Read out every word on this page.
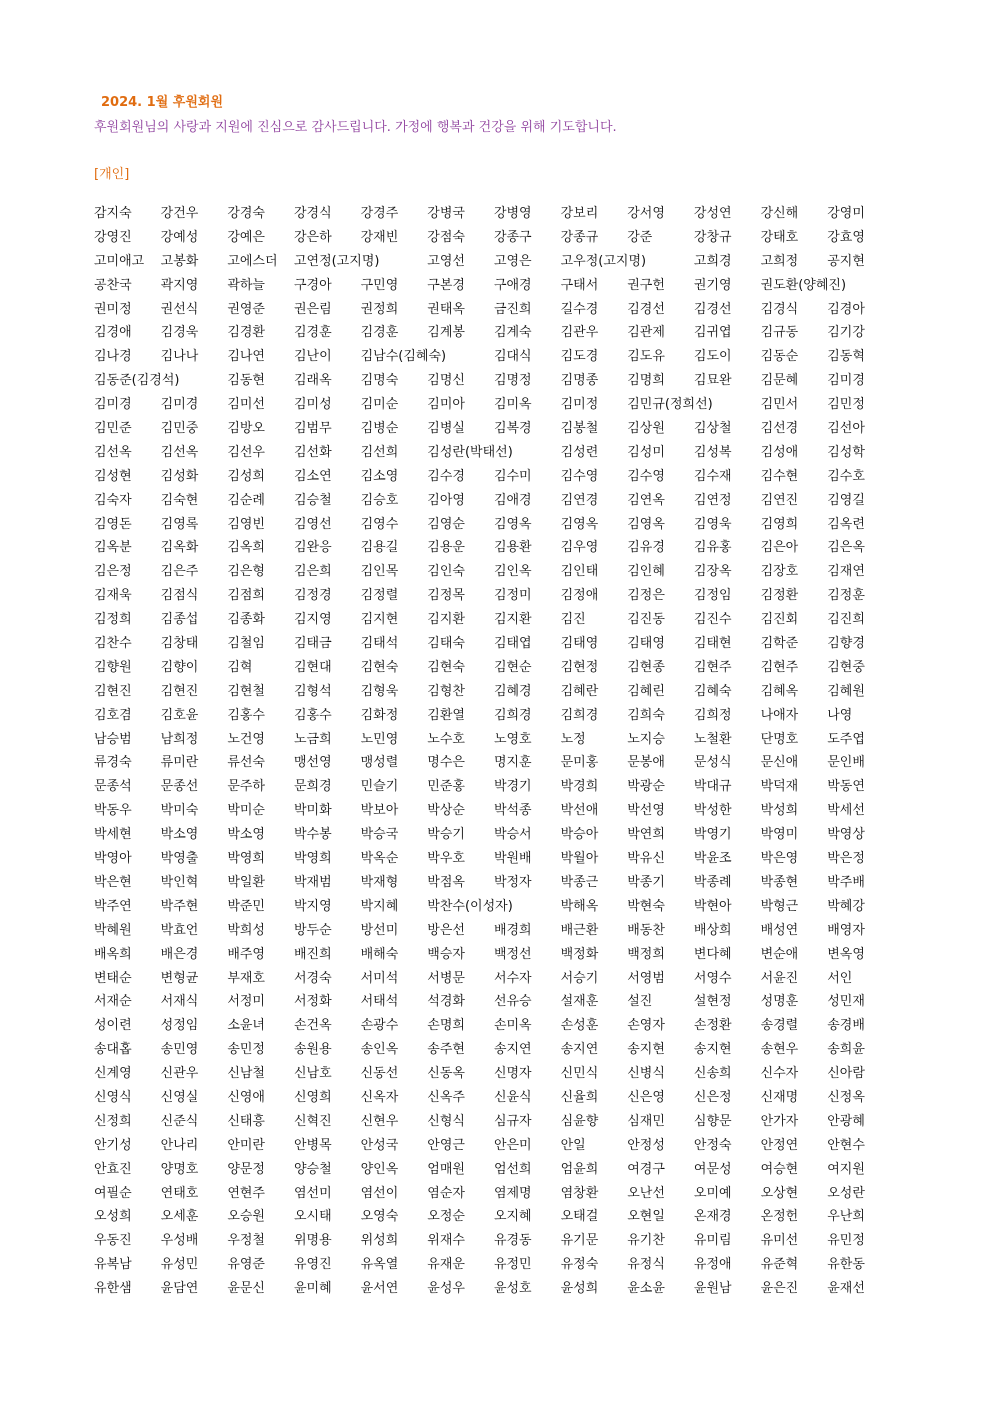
2024. 1월 후원회원
후원회원님의 사랑과 지원에 진심으로 감사드립니다. 가정에 행복과 건강을 위해 기도합니다.
[개인]
감지숙	강건우	강경숙	강경식	강경주	강병국	강병영	강보리	강서영	강성연	강신해	강영미
강영진	강예성	강예은	강은하	강재빈	강점숙	강종구	강종규	강준	강창규	강태호	강효영
고미애고	고봉화	고에스더	고연정(고지명)	고영선	고영은	고우정(고지명)	고희경	고희정	공지현
공찬국	곽지영	곽하늘	구경아	구민영	구본경	구애경	구태서	권구헌	권기영	권도환(양혜진)
권미정	권선식	권영준	권은림	권정희	권태옥	금진희	길수경	김경선	김경선	김경식	김경아
김경애	김경욱	김경환	김경훈	김경훈	김계봉	김계숙	김관우	김관제	김귀엽	김규동	김기강
김나경	김나나	김나연	김난이	김남수(김혜숙)	김대식	김도경	김도유	김도이	김동순	김동혁
김동준(김경석)	김동현	김래옥	김명숙	김명신	김명정	김명종	김명희	김묘완	김문혜	김미경
김미경	김미경	김미선	김미성	김미순	김미아	김미옥	김미정	김민규(정희선)	김민서	김민정
김민준	김민중	김방오	김범무	김병순	김병실	김복경	김봉철	김상원	김상철	김선경	김선아
김선옥	김선옥	김선우	김선화	김선희	김성란(박태선)	김성련	김성미	김성복	김성애	김성학
김성현	김성화	김성희	김소연	김소영	김수경	김수미	김수영	김수영	김수재	김수현	김수호
김숙자	김숙현	김순례	김승철	김승호	김아영	김애경	김연경	김연옥	김연정	김연진	김영길
김영돈	김영록	김영빈	김영선	김영수	김영순	김영옥	김영옥	김영옥	김영욱	김영희	김옥련
김옥분	김옥화	김옥희	김완응	김용길	김용운	김용환	김우영	김유경	김유홍	김은아	김은옥
김은정	김은주	김은형	김은희	김인목	김인숙	김인옥	김인태	김인혜	김장옥	김장호	김재연
김재욱	김점식	김점희	김정경	김정렬	김정목	김정미	김정애	김정은	김정임	김정환	김정훈
김정희	김종섭	김종화	김지영	김지현	김지환	김지환	김진	김진동	김진수	김진회	김진희
김찬수	김창태	김철임	김태금	김태석	김태숙	김태엽	김태영	김태영	김태현	김학준	김향경
김향원	김향이	김혁	김현대	김현숙	김현숙	김현순	김현정	김현종	김현주	김현주	김현중
김현진	김현진	김현철	김형석	김형욱	김형찬	김혜경	김혜란	김혜린	김혜숙	김혜옥	김혜원
김호겸	김호윤	김홍수	김홍수	김화정	김환열	김희경	김희경	김희숙	김희정	나애자	나영
남승범	남희정	노건영	노금희	노민영	노수호	노영호	노정	노지승	노철환	단명호	도주엽
류경숙	류미란	류선숙	맹선영	맹성렬	명수은	명지훈	문미홍	문봉애	문성식	문신애	문인배
문종석	문종선	문주하	문희경	민슬기	민준홍	박경기	박경희	박광순	박대규	박덕재	박동연
박동우	박미숙	박미순	박미화	박보아	박상순	박석종	박선애	박선영	박성한	박성희	박세선
박세현	박소영	박소영	박수봉	박승국	박승기	박승서	박승아	박연희	박영기	박영미	박영상
박영아	박영출	박영희	박영희	박옥순	박우호	박원배	박월아	박유신	박윤조	박은영	박은정
박은현	박인혁	박일환	박재범	박재형	박점옥	박정자	박종근	박종기	박종례	박종현	박주배
박주연	박주현	박준민	박지영	박지혜	박찬수(이성자)	박해옥	박현숙	박현아	박형근	박혜강
박혜원	박효언	박희성	방두순	방선미	방은선	배경희	배근환	배동찬	배상희	배성연	배영자
배옥희	배은경	배주영	배진희	배해숙	백승자	백정선	백정화	백정희	변다혜	변순애	변옥영
변태순	변형균	부재호	서경숙	서미석	서병문	서수자	서승기	서영범	서영수	서윤진	서인
서재순	서재식	서정미	서정화	서태석	석경화	선유승	설재훈	설진	설현정	성명훈	성민재
성이련	성정임	소윤녀	손건옥	손광수	손명희	손미옥	손성훈	손영자	손정환	송경렬	송경배
송대홉	송민영	송민정	송원용	송인옥	송주현	송지연	송지연	송지현	송지현	송현우	송희윤
신계영	신관우	신남철	신남호	신동선	신동옥	신명자	신민식	신병식	신송희	신수자	신아람
신영식	신영실	신영애	신영희	신옥자	신옥주	신윤식	신율희	신은영	신은정	신재명	신정옥
신정희	신준식	신태흥	신혁진	신현우	신형식	심규자	심윤향	심재민	심향문	안가자	안광혜
안기성	안나리	안미란	안병목	안성국	안영근	안은미	안일	안정성	안정숙	안정연	안현수
안효진	양명호	양문정	양승철	양인옥	엄매원	엄선희	엄윤희	여경구	여문성	여승현	여지원
여필순	연태호	연현주	염선미	염선이	염순자	염제명	염창환	오난선	오미예	오상현	오성란
오성희	오세훈	오승원	오시태	오영숙	오정순	오지혜	오태걸	오현일	온재경	온정헌	우난희
우동진	우성배	우정철	위명용	위성희	위재수	유경동	유기문	유기찬	유미림	유미선	유민정
유복남	유성민	유영준	유영진	유옥열	유재운	유정민	유정숙	유정식	유정애	유준혁	유한동
유한샘	윤담연	윤문신	윤미혜	윤서연	윤성우	윤성호	윤성희	윤소윤	윤원남	윤은진	윤재선
